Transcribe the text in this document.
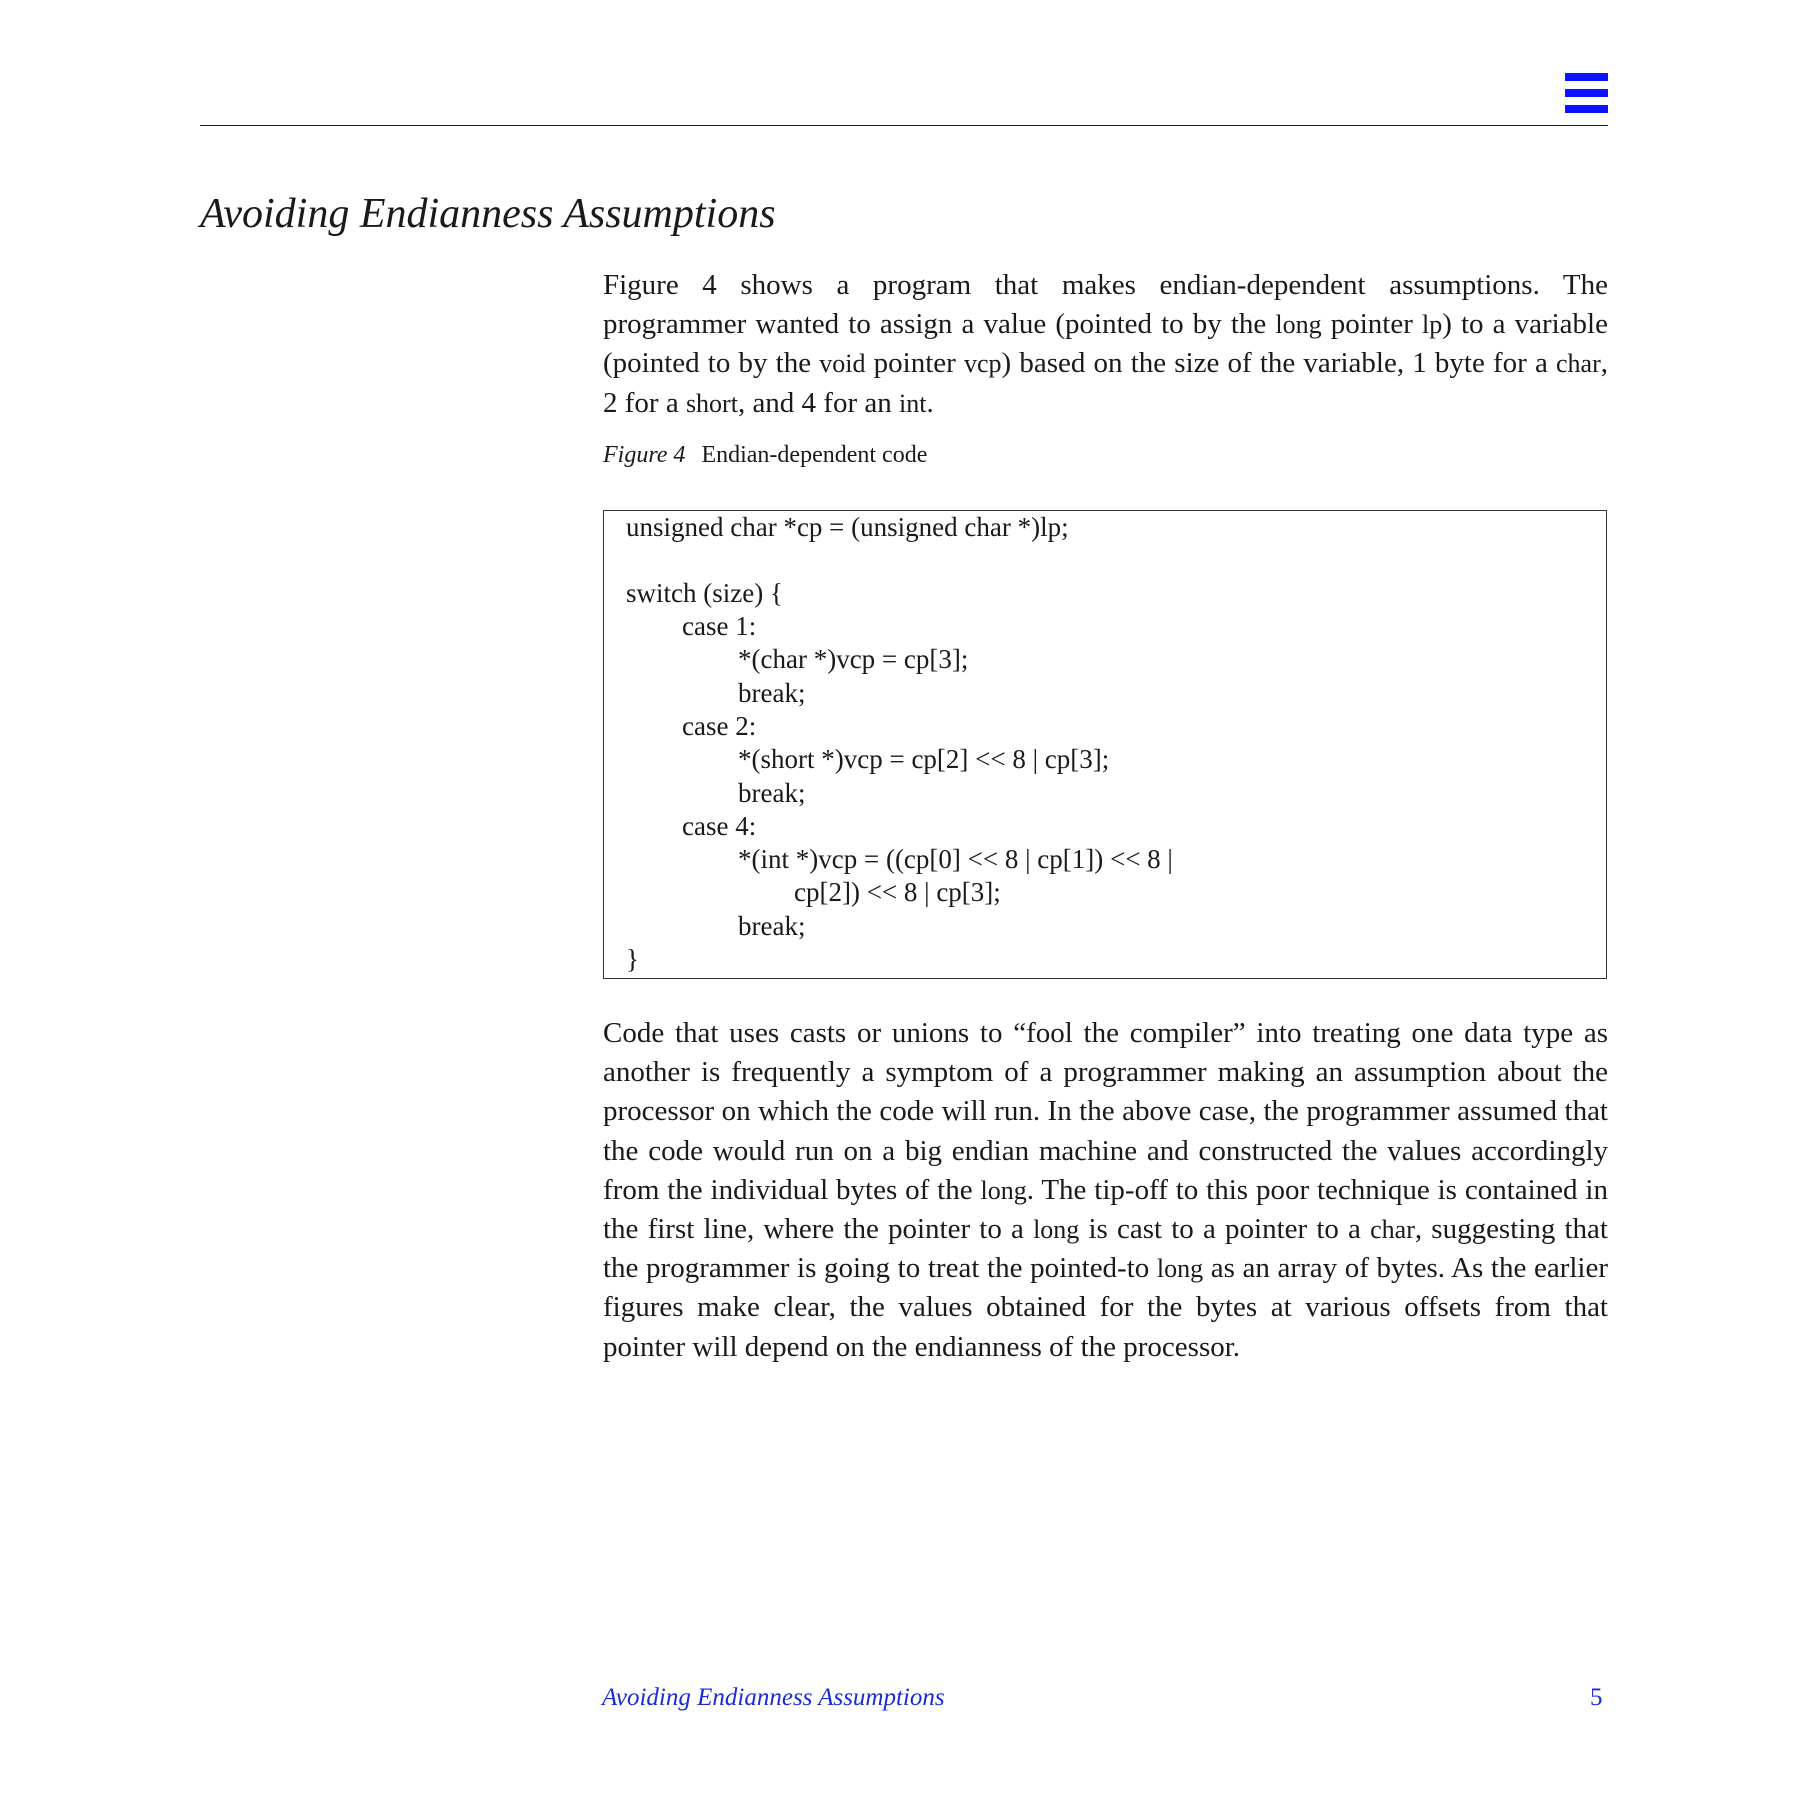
Avoiding Endianness Assumptions

Figure 4 shows a program that makes endian-dependent assumptions. The programmer wanted to assign a value (pointed to by the long pointer lp) to a variable (pointed to by the void pointer vcp) based on the size of the variable, 1 byte for a char, 2 for a short, and 4 for an int.

Figure 4 Endian-dependent code
unsigned char *cp = (unsigned char *)lp;
switch (size) {
case 1:
*(char *)vcp = cp[3];
break;
case 2:
*(short *)vcp = cp[2] << 8 | cp[3];
break;
case 4:
*(int *)vcp = ((cp[0] << 8 | cp[1]) << 8 |
cp[2]) << 8 | cp[3];
break;
}

Code that uses casts or unions to “fool the compiler” into treating one data type as another is frequently a symptom of a programmer making an assumption about the processor on which the code will run. In the above case, the programmer assumed that the code would run on a big endian machine and constructed the values accordingly from the individual bytes of the long. The tip-off to this poor technique is contained in the first line, where the pointer to a long is cast to a pointer to a char, suggesting that the programmer is going to treat the pointed-to long as an array of bytes. As the earlier figures make clear, the values obtained for the bytes at various offsets from that pointer will depend on the endianness of the processor.

Avoiding Endianness Assumptions	5
